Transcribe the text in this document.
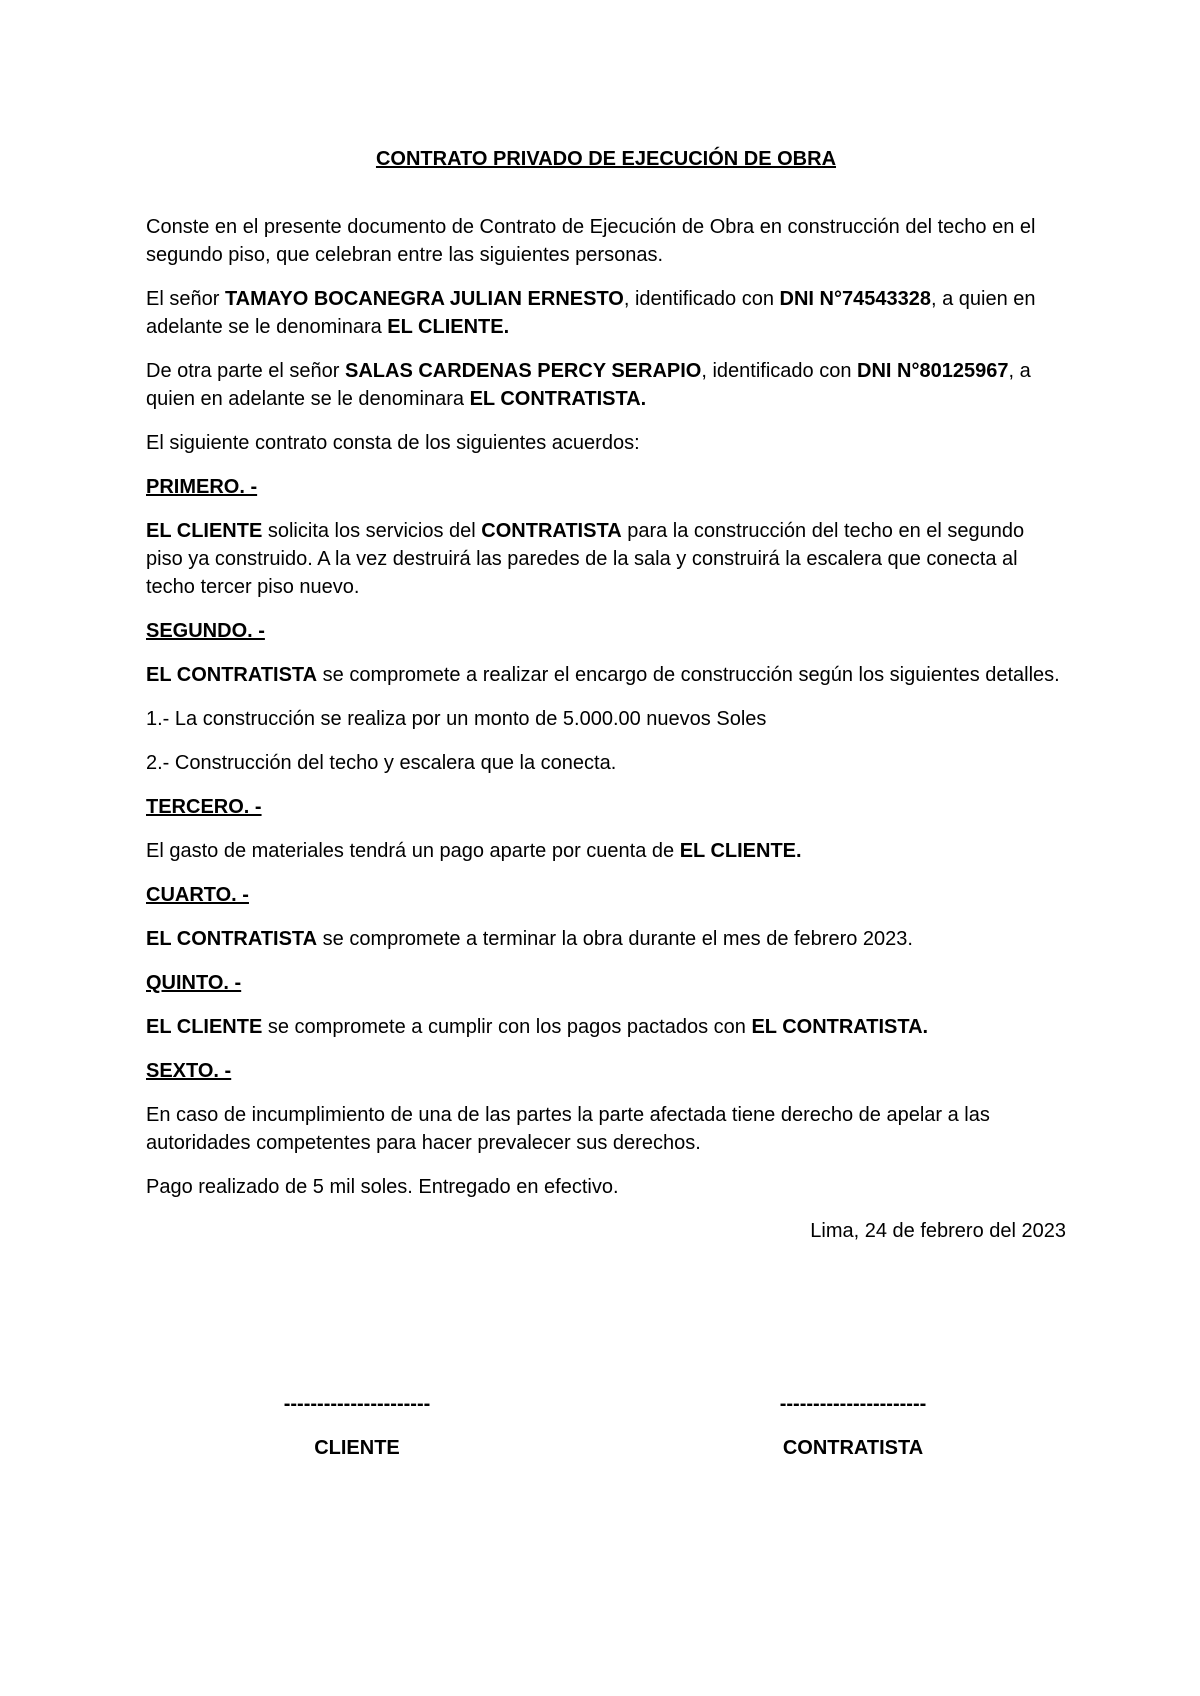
CONTRATO PRIVADO DE EJECUCIÓN DE OBRA

Conste en el presente documento de Contrato de Ejecución de Obra en construcción del techo en el segundo piso, que celebran entre las siguientes personas.

El señor TAMAYO BOCANEGRA JULIAN ERNESTO, identificado con DNI N°74543328, a quien en adelante se le denominara EL CLIENTE.

De otra parte el señor SALAS CARDENAS PERCY SERAPIO, identificado con DNI N°80125967, a quien en adelante se le denominara EL CONTRATISTA.

El siguiente contrato consta de los siguientes acuerdos:

PRIMERO. -

EL CLIENTE solicita los servicios del CONTRATISTA para la construcción del techo en el segundo piso ya construido. A la vez destruirá las paredes de la sala y construirá la escalera que conecta al techo tercer piso nuevo.

SEGUNDO. -

EL CONTRATISTA se compromete a realizar el encargo de construcción según los siguientes detalles.

1.- La construcción se realiza por un monto de 5.000.00 nuevos Soles

2.- Construcción del techo y escalera que la conecta.

TERCERO. -

El gasto de materiales tendrá un pago aparte por cuenta de EL CLIENTE.

CUARTO. -

EL CONTRATISTA se compromete a terminar la obra durante el mes de febrero 2023.

QUINTO. -

EL CLIENTE se compromete a cumplir con los pagos pactados con EL CONTRATISTA.

SEXTO. -

En caso de incumplimiento de una de las partes la parte afectada tiene derecho de apelar a las autoridades competentes para hacer prevalecer sus derechos.

Pago realizado de 5 mil soles. Entregado en efectivo.

Lima, 24 de febrero del 2023

----------------------
CLIENTE
----------------------
CONTRATISTA
